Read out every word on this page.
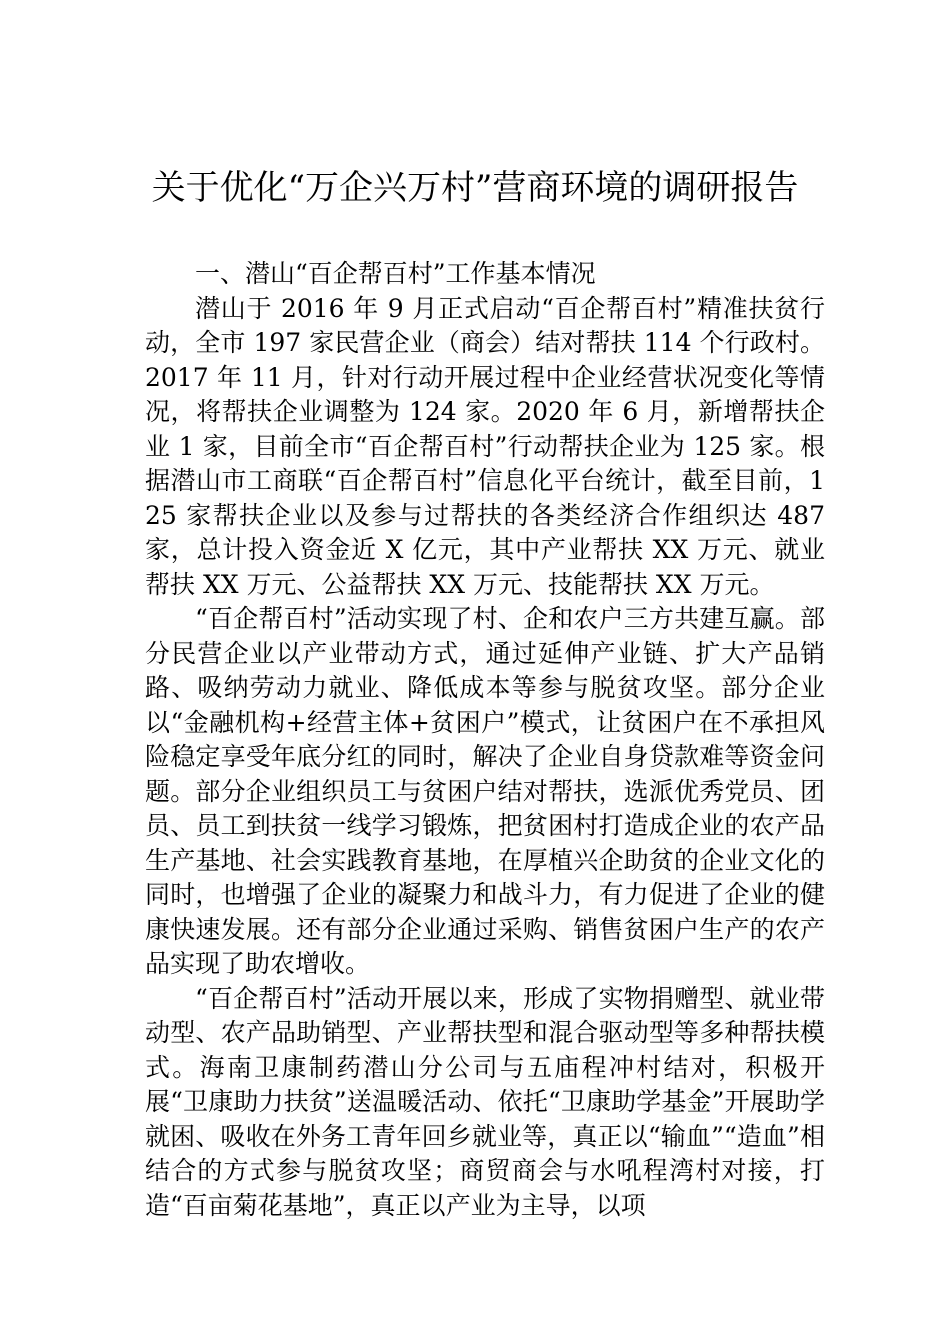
关于优化“万企兴万村”营商环境的调研报告
一、潜山“百企帮百村”工作基本情况

潜山于 2016 年 9 月正式启动“百企帮百村”精准扶贫行动，全市 197 家民营企业（商会）结对帮扶 114 个行政村。2017 年 11 月，针对行动开展过程中企业经营状况变化等情况，将帮扶企业调整为 124 家。2020 年 6 月，新增帮扶企业 1 家，目前全市“百企帮百村”行动帮扶企业为 125 家。根据潜山市工商联“百企帮百村”信息化平台统计，截至目前，125 家帮扶企业以及参与过帮扶的各类经济合作组织达 487 家，总计投入资金近 X 亿元，其中产业帮扶 XX 万元、就业帮扶 XX 万元、公益帮扶 XX 万元、技能帮扶 XX 万元。

“百企帮百村”活动实现了村、企和农户三方共建互赢。部分民营企业以产业带动方式，通过延伸产业链、扩大产品销路、吸纳劳动力就业、降低成本等参与脱贫攻坚。部分企业以“金融机构+经营主体+贫困户”模式，让贫困户在不承担风险稳定享受年底分红的同时，解决了企业自身贷款难等资金问题。部分企业组织员工与贫困户结对帮扶，选派优秀党员、团员、员工到扶贫一线学习锻炼，把贫困村打造成企业的农产品生产基地、社会实践教育基地，在厚植兴企助贫的企业文化的同时，也增强了企业的凝聚力和战斗力，有力促进了企业的健康快速发展。还有部分企业通过采购、销售贫困户生产的农产品实现了助农增收。

“百企帮百村”活动开展以来，形成了实物捐赠型、就业带动型、农产品助销型、产业帮扶型和混合驱动型等多种帮扶模式。海南卫康制药潜山分公司与五庙程冲村结对，积极开展“卫康助力扶贫”送温暖活动、依托“卫康助学基金”开展助学就困、吸收在外务工青年回乡就业等，真正以“输血”“造血”相结合的方式参与脱贫攻坚；商贸商会与水吼程湾村对接，打造“百亩菊花基地”，真正以产业为主导，以项
